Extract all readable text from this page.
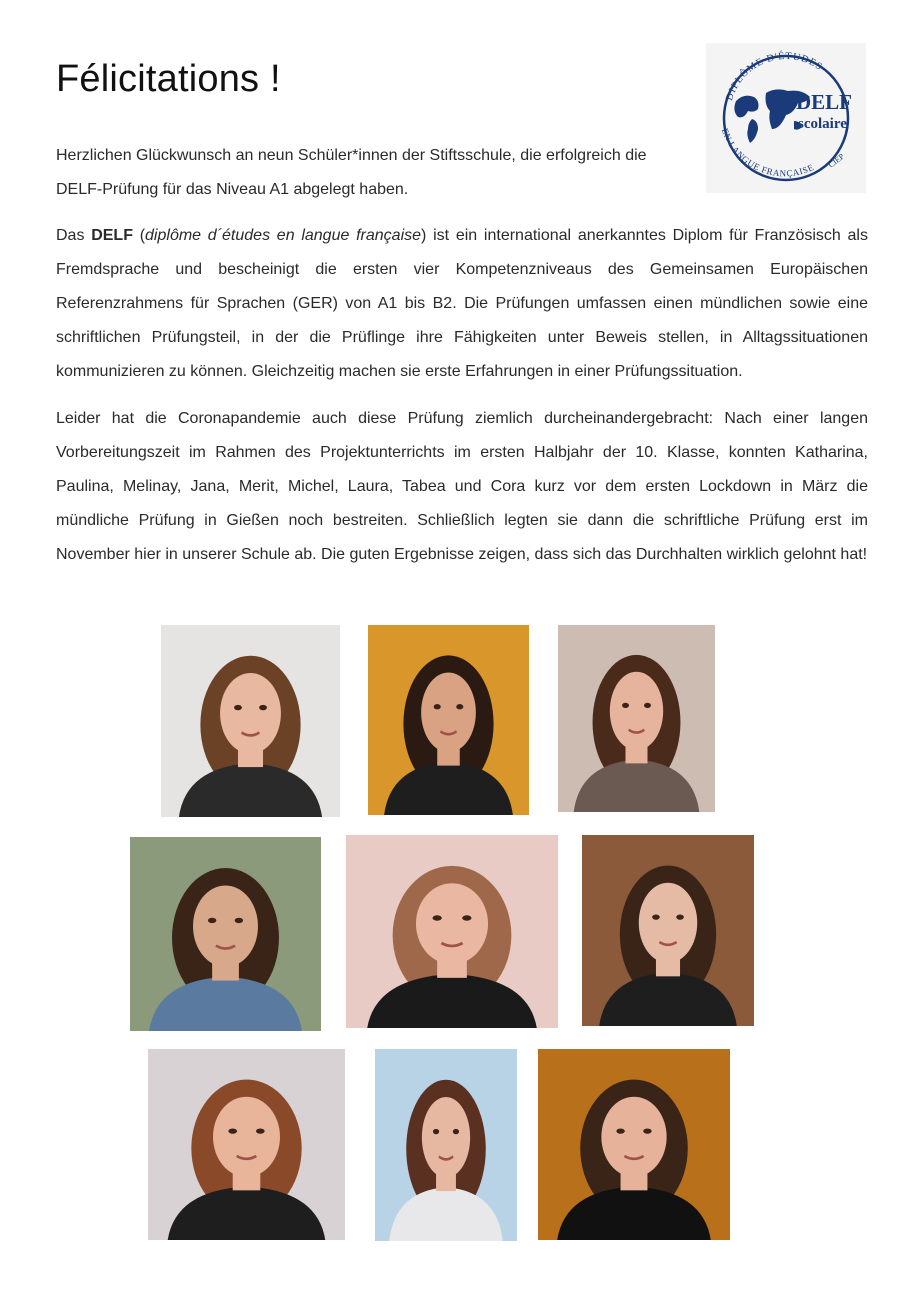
Félicitations !	DIPLÔME D'ÉTUDES
EN LANGUE FRANÇAISE
DELF
scolaire
CIEP

Herzlichen Glückwunsch an neun Schüler*innen der Stiftsschule, die erfolgreich die DELF-Prüfung für das Niveau A1 abgelegt haben.

Das DELF (diplôme d´études en langue française) ist ein international anerkanntes Diplom für Französisch als Fremdsprache und bescheinigt die ersten vier Kompetenzniveaus des Gemeinsamen Europäischen Referenzrahmens für Sprachen (GER) von A1 bis B2. Die Prüfungen umfassen einen mündlichen sowie eine schriftlichen Prüfungsteil, in der die Prüflinge ihre Fähigkeiten unter Beweis stellen, in Alltagssituationen kommunizieren zu können. Gleichzeitig machen sie erste Erfahrungen in einer Prüfungssituation.

Leider hat die Coronapandemie auch diese Prüfung ziemlich durcheinandergebracht: Nach einer langen Vorbereitungszeit im Rahmen des Projektunterrichts im ersten Halbjahr der 10. Klasse, konnten Katharina, Paulina, Melinay, Jana, Merit, Michel, Laura, Tabea und Cora kurz vor dem ersten Lockdown in März die mündliche Prüfung in Gießen noch bestreiten. Schließlich legten sie dann die schriftliche Prüfung erst im November hier in unserer Schule ab. Die guten Ergebnisse zeigen, dass sich das Durchhalten wirklich gelohnt hat!
